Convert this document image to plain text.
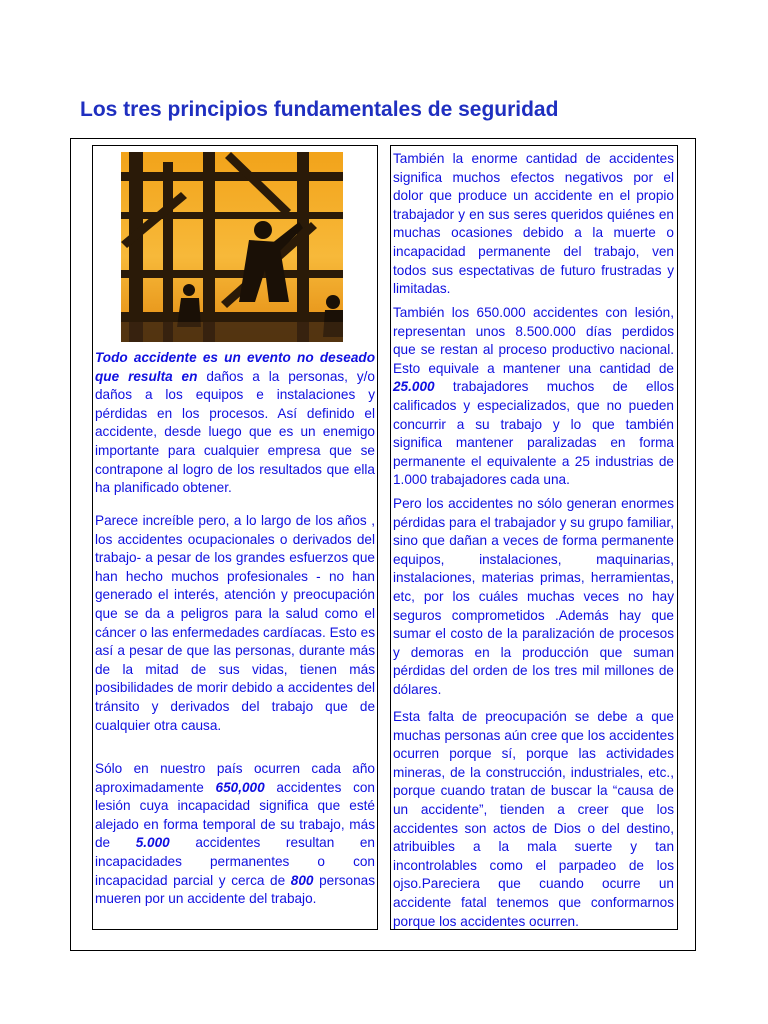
Los tres principios fundamentales de seguridad

Todo accidente es un evento no deseado que resulta en daños a la personas, y/o daños a los equipos e instalaciones y pérdidas en los procesos. Así definido el accidente, desde luego que es un enemigo importante para cualquier empresa que se contrapone al logro de los resultados que ella ha planificado obtener.

Parece increíble pero, a lo largo de los años , los accidentes ocupacionales o derivados del trabajo- a pesar de los grandes esfuerzos que han hecho muchos profesionales - no han generado el interés, atención y preocupación que se da a peligros para la salud como el cáncer o las enfermedades cardíacas. Esto es así a pesar de que las personas, durante más de la mitad de sus vidas, tienen más posibilidades de morir debido a accidentes del tránsito y derivados del trabajo que de cualquier otra causa.

Sólo en nuestro país ocurren cada año aproximadamente 650,000 accidentes con lesión cuya incapacidad significa que esté alejado en forma temporal de su trabajo, más de 5.000 accidentes resultan en incapacidades permanentes o con incapacidad parcial y cerca de 800 personas mueren por un accidente del trabajo.

También la enorme cantidad de accidentes significa muchos efectos negativos por el dolor que produce un accidente en el propio trabajador y en sus seres queridos quiénes en muchas ocasiones debido a la muerte o incapacidad permanente del trabajo, ven todos sus espectativas de futuro frustradas y limitadas.

También los 650.000 accidentes con lesión, representan unos 8.500.000 días perdidos que se restan al proceso productivo nacional. Esto equivale a mantener una cantidad de 25.000 trabajadores muchos de ellos calificados y especializados, que no pueden concurrir a su trabajo y lo que también significa mantener paralizadas en forma permanente el equivalente a 25 industrias de 1.000 trabajadores cada una.

Pero los accidentes no sólo generan enormes pérdidas para el trabajador y su grupo familiar, sino que dañan a veces de forma permanente equipos, instalaciones, maquinarias, instalaciones, materias primas, herramientas, etc, por los cuáles muchas veces no hay seguros comprometidos .Además hay que sumar el costo de la paralización de procesos y demoras en la producción que suman pérdidas del orden de los tres mil millones de dólares.

Esta falta de preocupación se debe a que muchas personas aún cree que los accidentes ocurren porque sí, porque las actividades mineras, de la construcción, industriales, etc., porque cuando tratan de buscar la “causa de un accidente”, tienden a creer que los accidentes son actos de Dios o del destino, atribuibles a la mala suerte y tan incontrolables como el parpadeo de los ojso.Pareciera que cuando ocurre un accidente fatal tenemos que conformarnos porque los accidentes ocurren.
